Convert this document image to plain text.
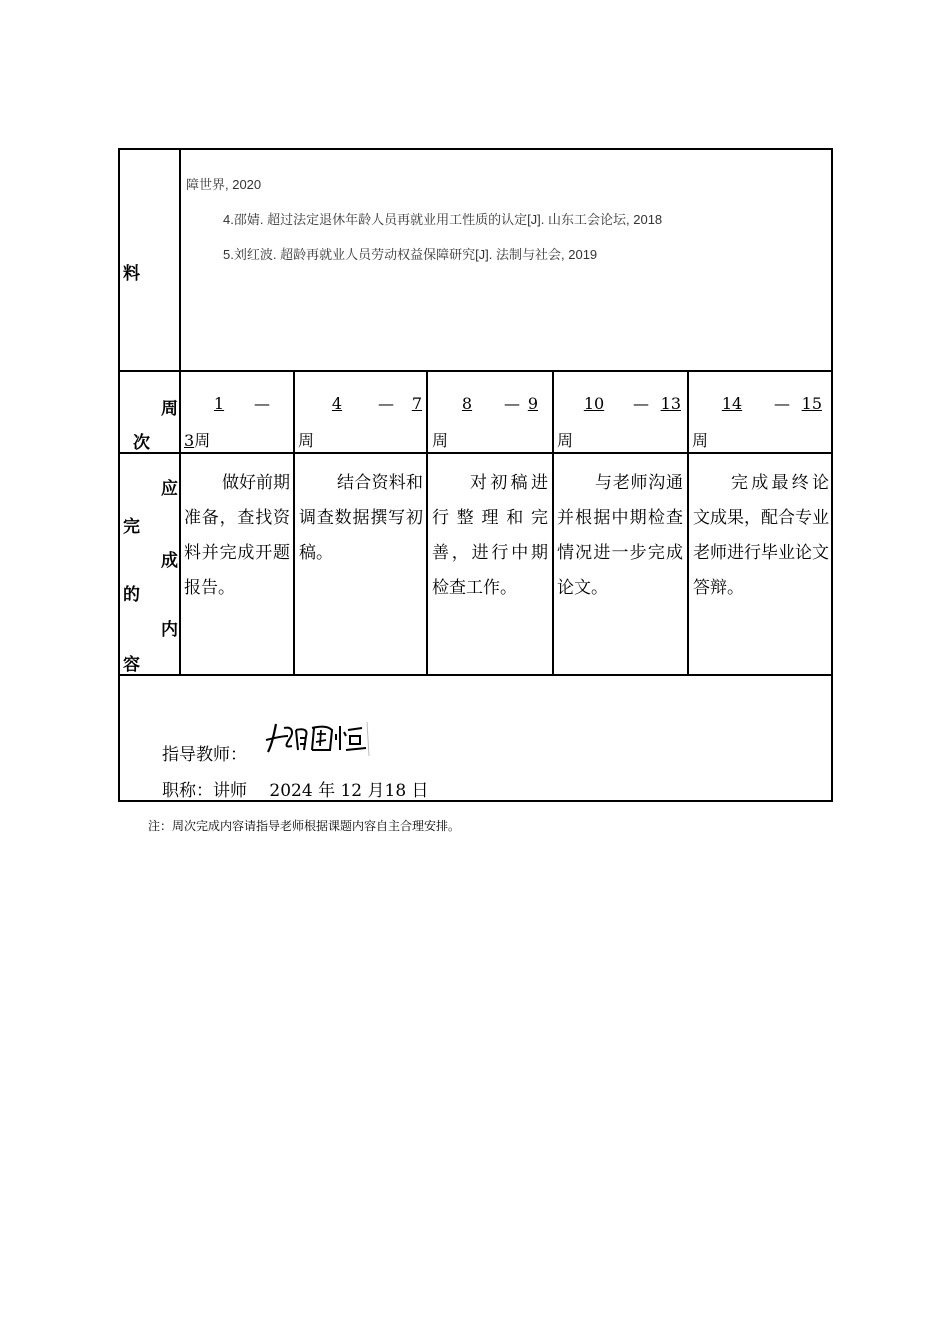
料
障世界, 2020
4.邵婧. 超过法定退休年龄人员再就业用工性质的认定[J]. 山东工会论坛, 2018
5.刘红波. 超龄再就业人员劳动权益保障研究[J]. 法制与社会, 2019
周
次
1 —
3周
4 — 7
周
8 — 9
周
10 — 13
周
14 — 15
周
应
完
成
的
内
容
做好前期准备，查找资料并完成开题报告。
结合资料和调查数据撰写初稿。
对初稿进行整理和完善，进行中期检查工作。
与老师沟通并根据中期检查情况进一步完成论文。
完成最终论文成果，配合专业老师进行毕业论文答辩。
指导教师：
职称：讲师　 2024 年 12 月18 日
注：周次完成内容请指导老师根据课题内容自主合理安排。
